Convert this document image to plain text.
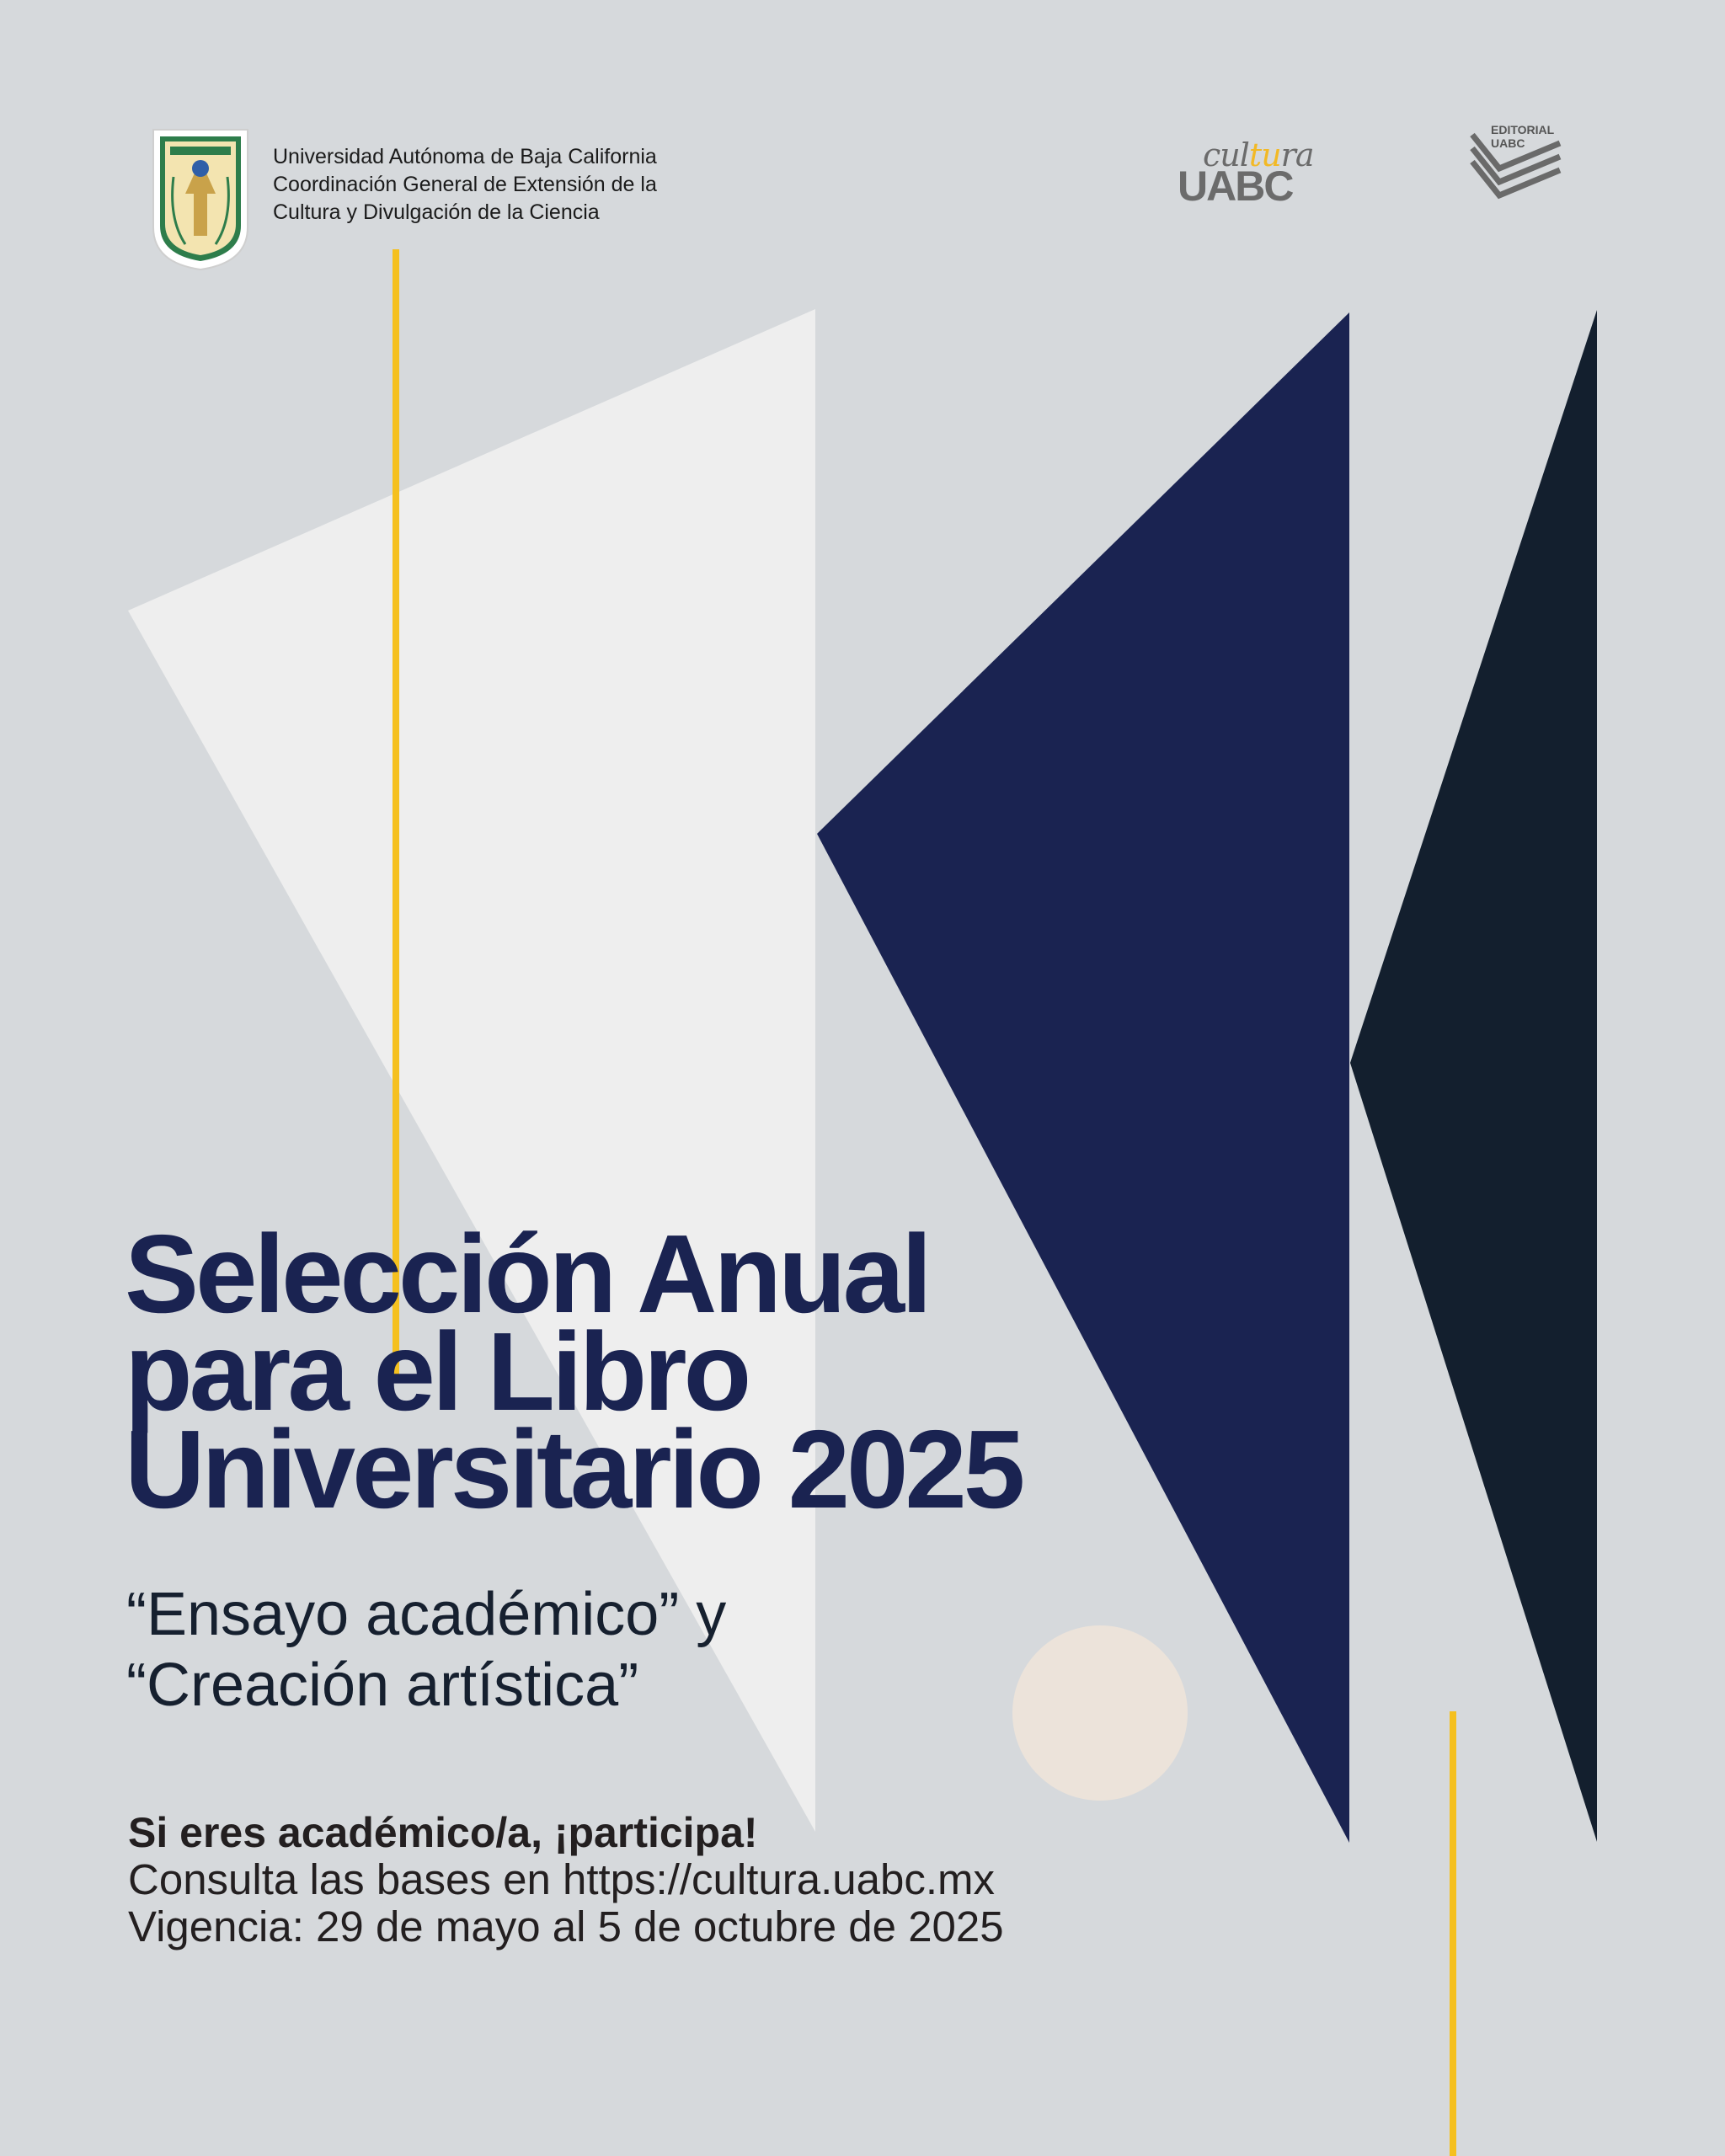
Universidad Autónoma de Baja California
Coordinación General de Extensión de la
Cultura y Divulgación de la Ciencia
cultura
UABC
EDITORIAL
UABC
Selección Anual
para el Libro
Universitario 2025
“Ensayo académico” y
“Creación artística”
Si eres académico/a, ¡participa!
Consulta las bases en https://cultura.uabc.mx
Vigencia: 29 de mayo al 5 de octubre de 2025
